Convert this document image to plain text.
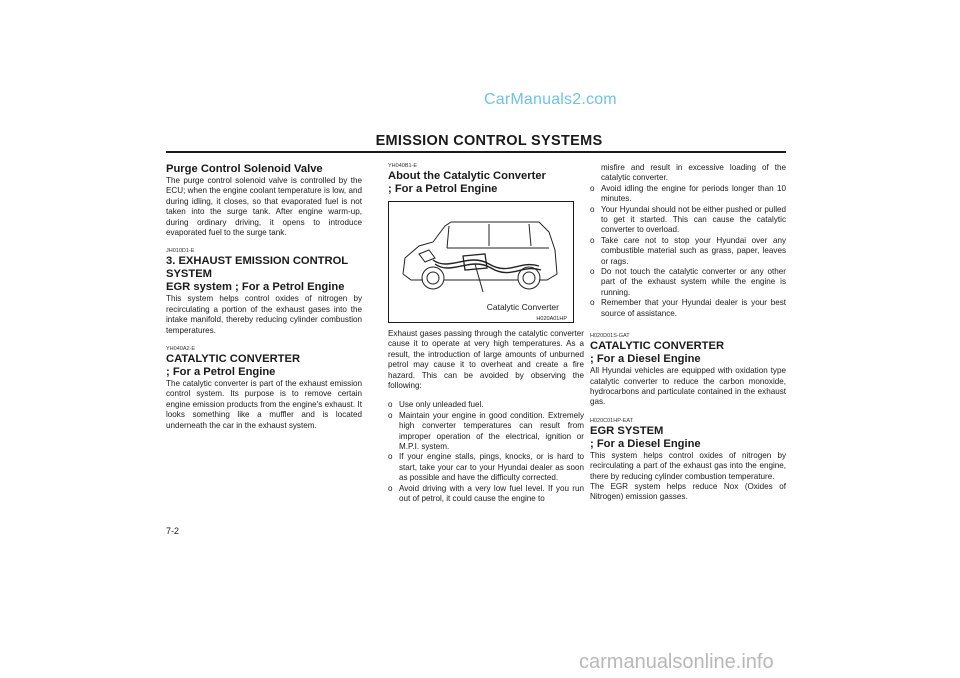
CarManuals2.com
EMISSION CONTROL SYSTEMS
Purge Control Solenoid Valve

The purge control solenoid valve is controlled by the ECU; when the engine coolant temperature is low, and during idling, it closes, so that evaporated fuel is not taken into the surge tank. After engine warm-up, during ordinary driving, it opens to introduce evaporated fuel to the surge tank.

JH010D1-E
3. EXHAUST EMISSION CONTROL SYSTEM
EGR system ; For a Petrol Engine

This system helps control oxides of nitrogen by recirculating a portion of the exhaust gases into the intake manifold, thereby reducing cylinder combustion temperatures.

YH040A2-E
CATALYTIC CONVERTER
; For a Petrol Engine

The catalytic converter is part of the exhaust emission control system. Its purpose is to remove certain engine emission products from the engine's exhaust. It looks something like a muffler and is located underneath the car in the exhaust system.

YH040B1-E
About the Catalytic Converter
; For a Petrol Engine
Catalytic Converter
H020A01HP

Exhaust gases passing through the catalytic converter cause it to operate at very high temperatures. As a result, the introduction of large amounts of unburned petrol may cause it to overheat and create a fire hazard. This can be avoided by observing the following:

o Use only unleaded fuel.
o Maintain your engine in good condition. Extremely high converter temperatures can result from improper operation of the electrical, ignition or M.P.I. system.
o If your engine stalls, pings, knocks, or is hard to start, take your car to your Hyundai dealer as soon as possible and have the difficulty corrected.
o Avoid driving with a very low fuel level. If you run out of petrol, it could cause the engine to

misfire and result in excessive loading of the catalytic converter.

o Avoid idling the engine for periods longer than 10 minutes.
o Your Hyundai should not be either pushed or pulled to get it started. This can cause the catalytic converter to overload.
o Take care not to stop your Hyundai over any combustible material such as grass, paper, leaves or rags.
o Do not touch the catalytic converter or any other part of the exhaust system while the engine is running.
o Remember that your Hyundai dealer is your best source of assistance.
H020D01S-GAT
CATALYTIC CONVERTER
; For a Diesel Engine

All Hyundai vehicles are equipped with oxidation type catalytic converter to reduce the carbon monoxide, hydrocarbons and particulate contained in the exhaust gas.

H020C01HP-EAT
EGR SYSTEM
; For a Diesel Engine

This system helps control oxides of nitrogen by recirculating a part of the exhaust gas into the engine, there by reducing cylinder combustion temperature.

The EGR system helps reduce Nox (Oxides of Nitrogen) emission gasses.

7-2
carmanualsonline.info
